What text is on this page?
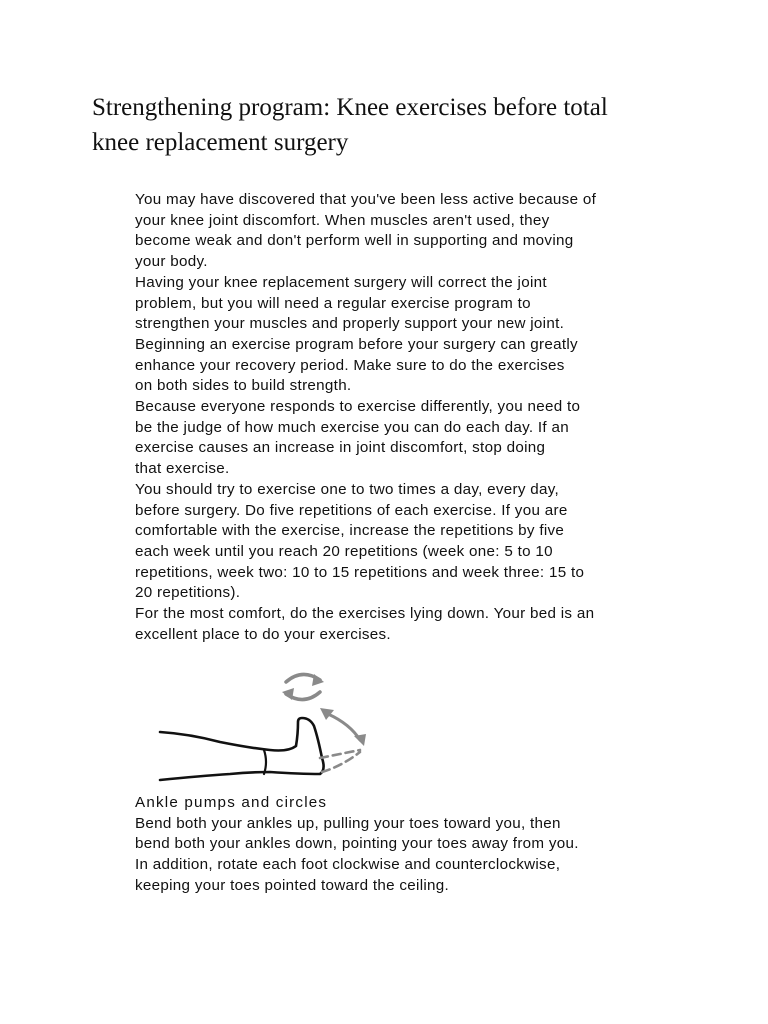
Strengthening program: Knee exercises before total
knee replacement surgery

You may have discovered that you've been less active because of
your knee joint discomfort. When muscles aren't used, they
become weak and don't perform well in supporting and moving
your body.

Having your knee replacement surgery will correct the joint
problem, but you will need a regular exercise program to
strengthen your muscles and properly support your new joint.

Beginning an exercise program before your surgery can greatly
enhance your recovery period. Make sure to do the exercises
on both sides to build strength.

Because everyone responds to exercise differently, you need to
be the judge of how much exercise you can do each day. If an
exercise causes an increase in joint discomfort, stop doing
that exercise.

You should try to exercise one to two times a day, every day,
before surgery. Do five repetitions of each exercise. If you are
comfortable with the exercise, increase the repetitions by five
each week until you reach 20 repetitions (week one: 5 to 10
repetitions, week two: 10 to 15 repetitions and week three: 15 to
20 repetitions).

For the most comfort, do the exercises lying down. Your bed is an
excellent place to do your exercises.

Ankle pumps and circles

Bend both your ankles up, pulling your toes toward you, then
bend both your ankles down, pointing your toes away from you.
In addition, rotate each foot clockwise and counterclockwise,
keeping your toes pointed toward the ceiling.
